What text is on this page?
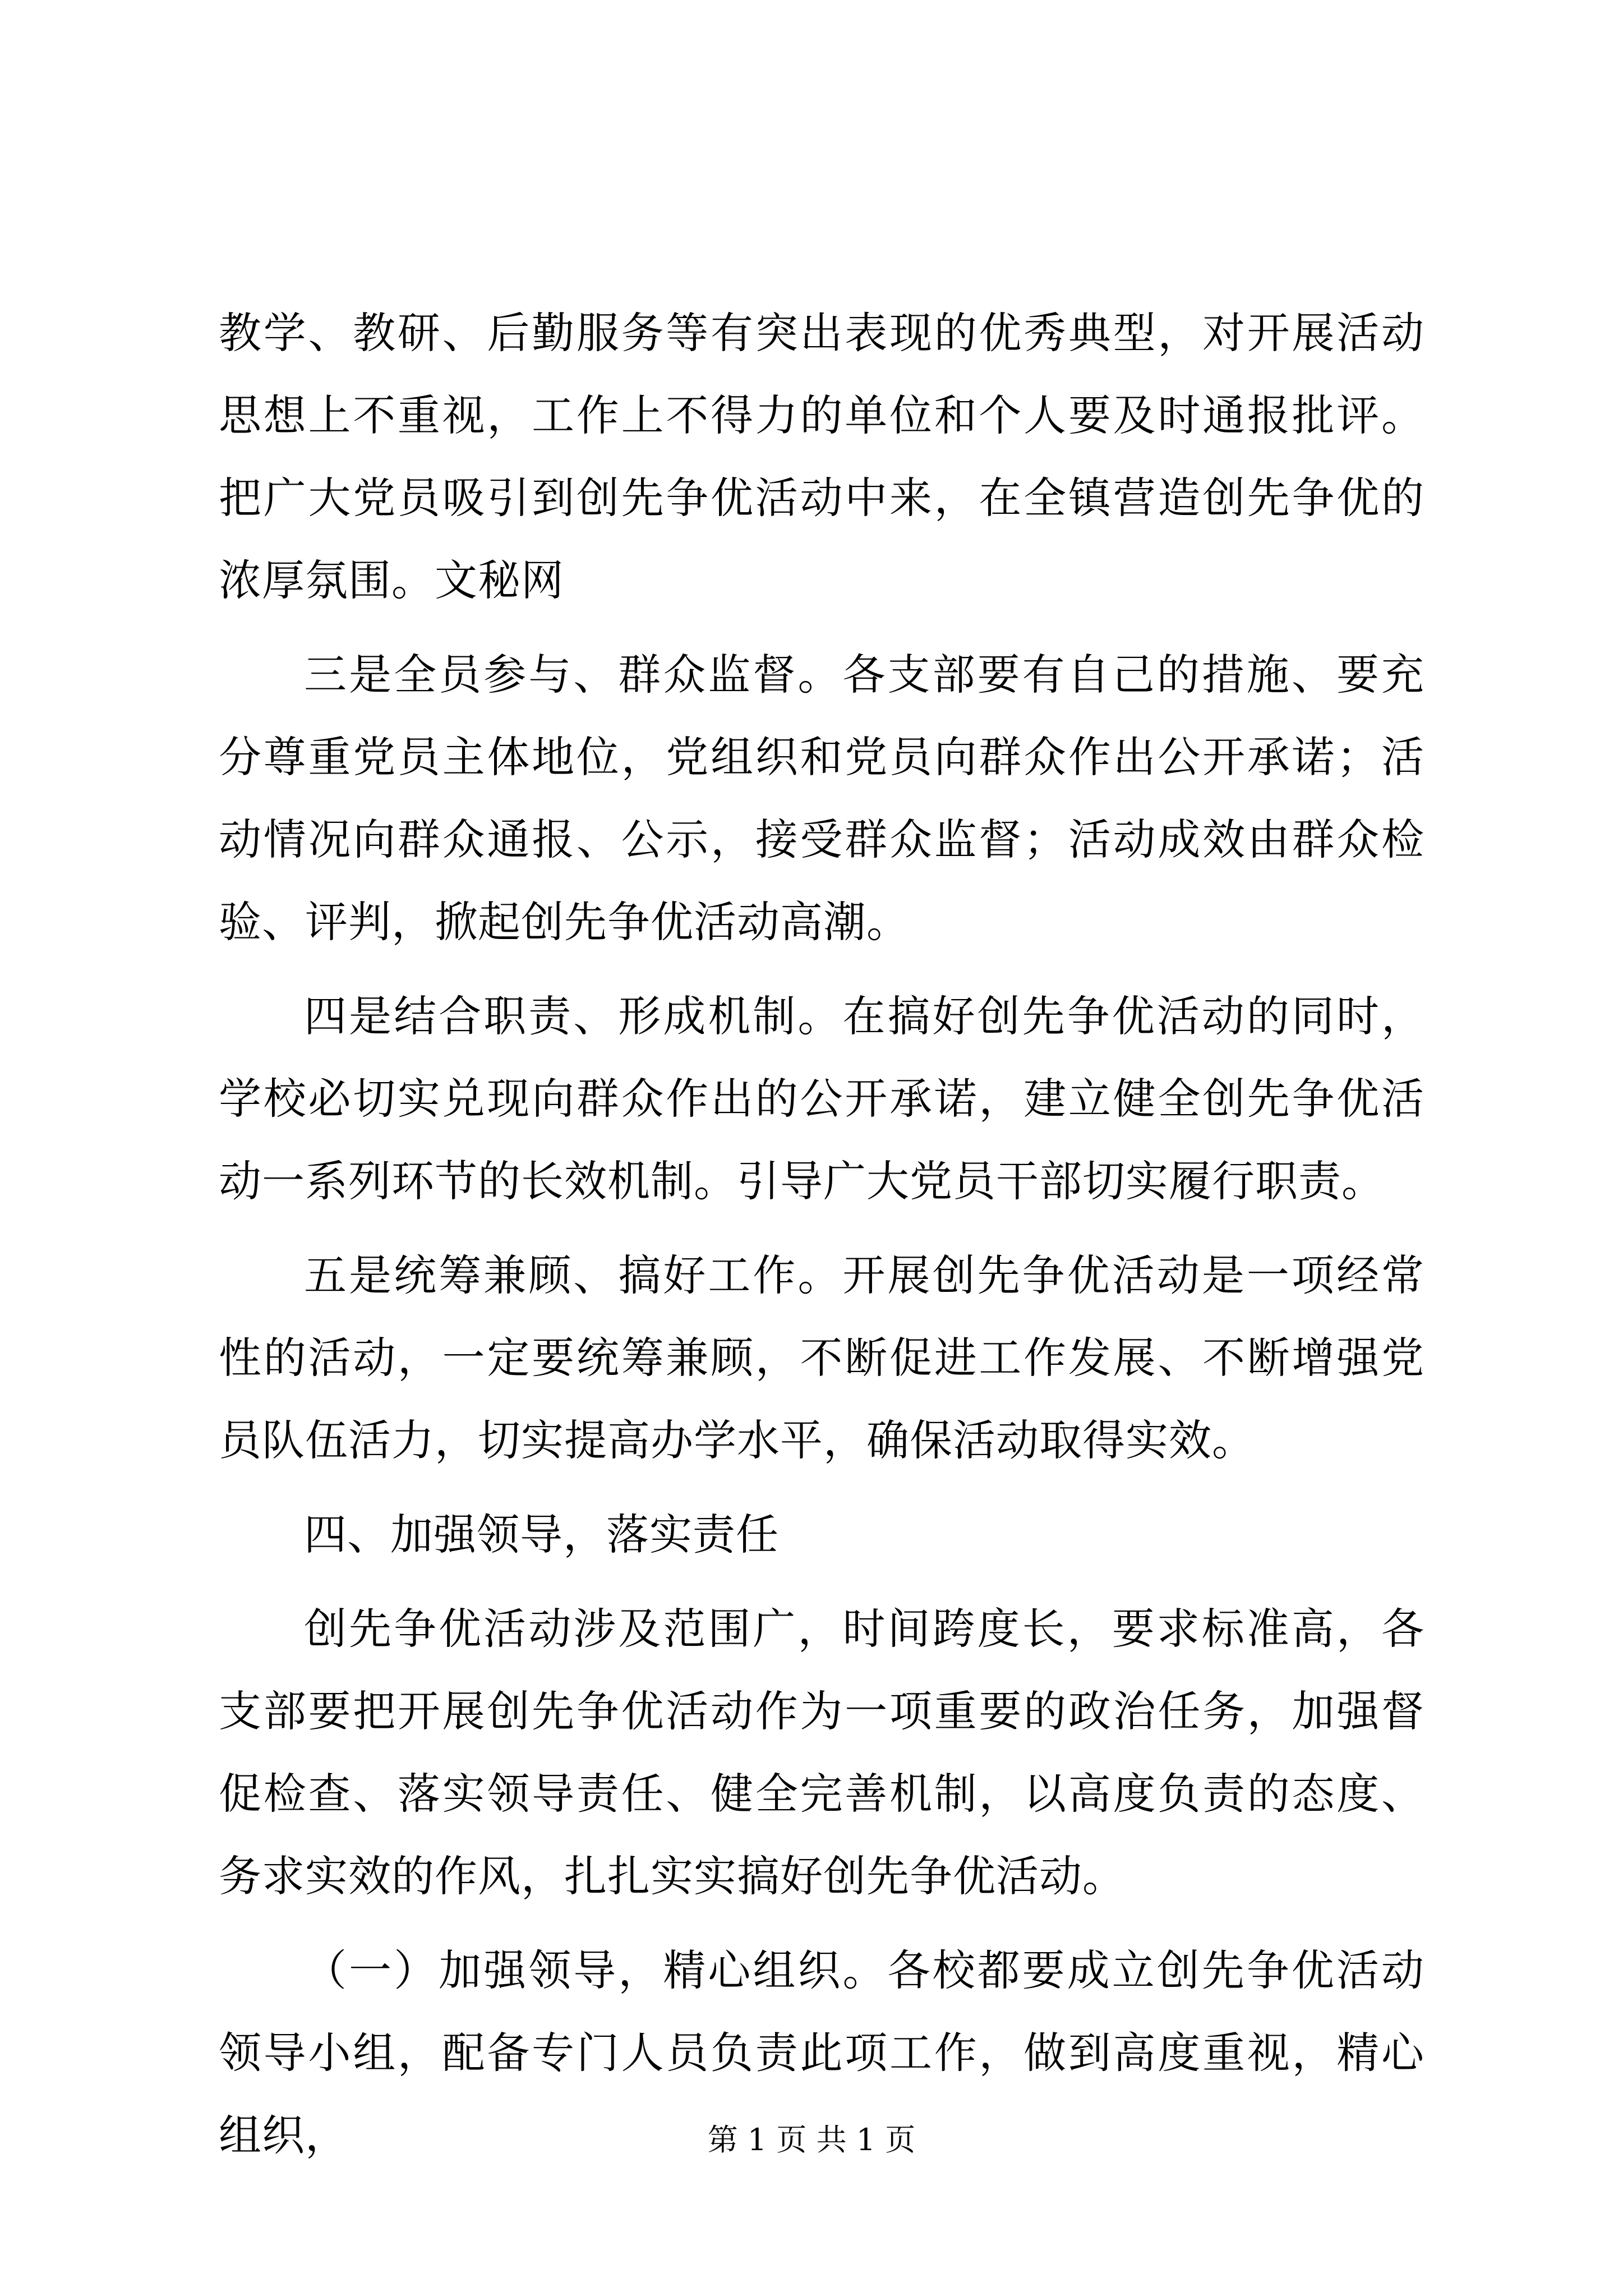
教学、教研、后勤服务等有突出表现的优秀典型，对开展活动思想上不重视，工作上不得力的单位和个人要及时通报批评。把广大党员吸引到创先争优活动中来，在全镇营造创先争优的浓厚氛围。文秘网

三是全员参与、群众监督。各支部要有自己的措施、要充分尊重党员主体地位，党组织和党员向群众作出公开承诺；活动情况向群众通报、公示，接受群众监督；活动成效由群众检验、评判，掀起创先争优活动高潮。

四是结合职责、形成机制。在搞好创先争优活动的同时，学校必切实兑现向群众作出的公开承诺，建立健全创先争优活动一系列环节的长效机制。引导广大党员干部切实履行职责。

五是统筹兼顾、搞好工作。开展创先争优活动是一项经常性的活动，一定要统筹兼顾，不断促进工作发展、不断增强党员队伍活力，切实提高办学水平，确保活动取得实效。

四、加强领导，落实责任

创先争优活动涉及范围广，时间跨度长，要求标准高，各支部要把开展创先争优活动作为一项重要的政治任务，加强督促检查、落实领导责任、健全完善机制，以高度负责的态度、务求实效的作风，扎扎实实搞好创先争优活动。

（一）加强领导，精心组织。各校都要成立创先争优活动领导小组，配备专门人员负责此项工作，做到高度重视，精心组织，	第 1 页 共 1 页
